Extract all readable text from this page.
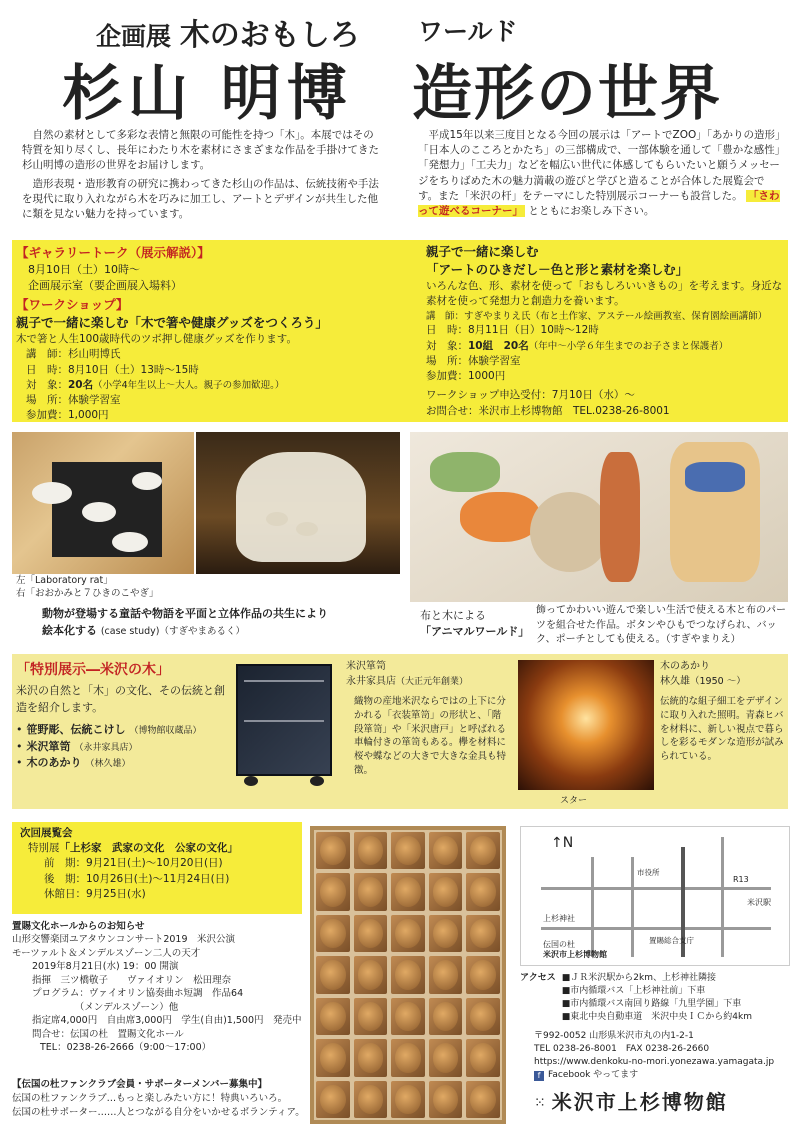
企画展 木のおもしろ ワールド
杉山 明博 造形の世界

自然の素材として多彩な表情と無限の可能性を持つ「木」。本展ではその特質を知り尽くし、長年にわたり木を素材にさまざまな作品を手掛けてきた杉山明博の造形の世界をお届けします。

造形表現・造形教育の研究に携わってきた杉山の作品は、伝統技術や手法を現代に取り入れながら木を巧みに加工し、アートとデザインが共生した他に類を見ない魅力を持っています。

平成15年以来三度目となる今回の展示は「アートでZOO」「あかりの造形」「日本人のこころとかたち」の三部構成で、一部体験を通して「豊かな感性」「発想力」「工夫力」などを幅広い世代に体感してもらいたいと願うメッセージをちりばめた木の魅力満載の遊びと学びと造ることが合体した展覧会です。また「米沢の杆」をテーマにした特別展示コーナーも設営した。 「さわって遊べるコーナー」 とともにお楽しみ下さい。

【ギャラリートーク（展示解説）】
8月10日（土）10時～
企画展示室（要企画展入場料）
【ワークショップ】
親子で一緒に楽しむ「木で箸や健康グッズをつくろう」
木で箸と人生100歳時代のツボ押し健康グッズを作ります。
講　師：杉山明博氏
日　時：8月10日（土）13時～15時
対　象：20名（小学4年生以上～大人。親子の参加歓迎。）
場　所：体験学習室
参加費：1,000円
親子で一緒に楽しむ
「アートのひきだし－色と形と素材を楽しむ」
いろんな色、形、素材を使って「おもしろいいきもの」を考えます。身近な素材を使って発想力と創造力を養います。
講　師：すぎやまりえ氏（布と土作家、アステール絵画教室、保育園絵画講師）
日　時：8月11日（日）10時～12時
対　象：10組　20名（年中～小学６年生までのお子さまと保護者）
場　所：体験学習室
参加費：1000円
ワークショップ申込受付：7月10日（水）～
お問合せ：米沢市上杉博物館　TEL.0238-26-8001
左「Laboratory rat」
右「おおかみと７ひきのこやぎ」
動物が登場する童話や物語を平面と立体作品の共生により
絵本化する (case study)（すぎやまあるく）
布と木による
「アニマルワールド」
飾ってかわいい遊んで楽しい生活で使える木と布のパーツを組合せた作品。ボタンやひもでつなげられ、バック、ポーチとしても使える。（すぎやまりえ）
「特別展示―米沢の木」
米沢の自然と「木」の文化、その伝統と創造を紹介します。
• 笹野彫、伝統こけし （博物館収蔵品）
• 米沢箪笥 （永井家具店）
• 木のあかり （林久雄）
米沢箪笥
永井家具店（大正元年創業）
織物の産地米沢ならではの上下に分かれる「衣装箪笥」の形状と、「階段箪笥」や「米沢唐戸」と呼ばれる車輪付きの箪笥もある。欅を材料に桜や蝶などの大きで大きな金具も特徴。
スター
木のあかり
林久雄（1950 ～）
伝統的な組子細工をデザインに取り入れた照明。青森ヒバを材料に、新しい視点で暮らしを彩るモダンな造形が試みられている。
次回展覧会
特別展「上杉家　武家の文化　公家の文化」
前　期：9月21日(土)～10月20日(日)
後　期：10月26日(土)～11月24日(日)
休館日：9月25日(水)
置賜文化ホールからのお知らせ
山形交響楽団ユアタウンコンサート2019　米沢公演
モーツァルト＆メンデルスゾーン二人の天才
2019年8月21日(水) 19：00 開演
指揮　三ツ橋敬子　　ヴァイオリン　松田理奈
プログラム：ヴァイオリン協奏曲ホ短調　作品64
　　　　　（メンデルスゾーン）他
指定席4,000円　自由席3,000円　学生(自由)1,500円　発売中
問合せ：伝国の杜　置賜文化ホール
TEL：0238-26-2666（9:00～17:00）
【伝国の杜ファンクラブ会員・サポーターメンバー募集中】
伝国の杜ファンクラブ…もっと楽しみたい方に！特典いろいろ。
伝国の杜サポーター……人とつながる自分をいかせるボランティア。
R13
米沢駅
上杉神社
伝国の杜
米沢市上杉博物館
市役所
置賜総合支庁
↑N
アクセス ■ＪＲ米沢駅から2km、上杉神社隣接
■市内循環バス「上杉神社前」下車
■市内循環バス南回り路線「九里学園」下車
■東北中央自動車道　米沢中央ＩＣから約4km
〒992-0052 山形県米沢市丸の内1-2-1
TEL 0238-26-8001　FAX 0238-26-2660
https://www.denkoku-no-mori.yonezawa.yamagata.jp
f Facebook やってます
⁙ 米沢市上杉博物館
